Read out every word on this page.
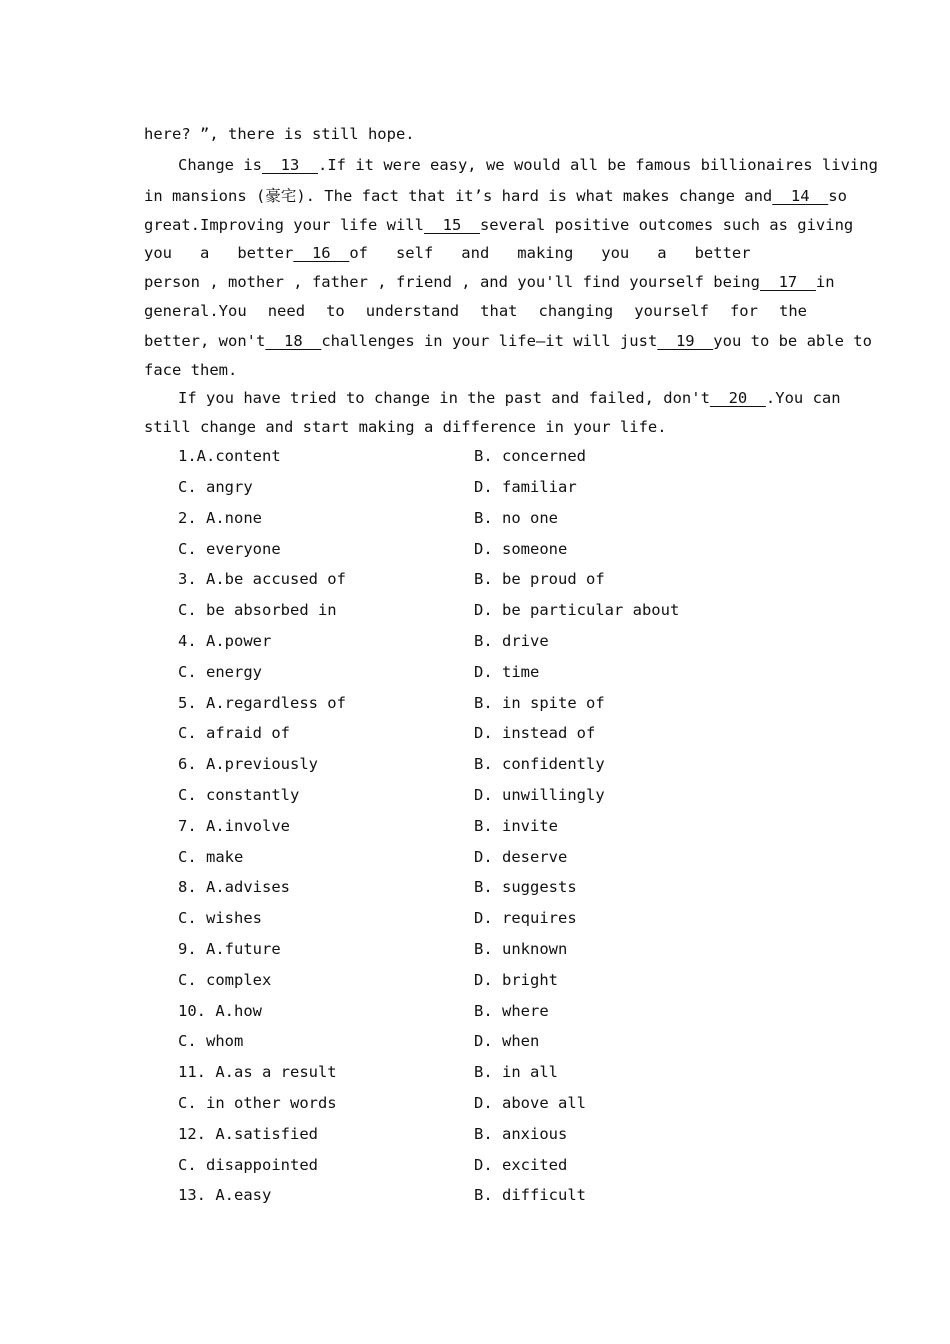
here? ”, there is still hope.
Change is  13  .If it were easy, we would all be famous billionaires living
in mansions (豪宅). The fact that it’s hard is what makes change and  14  so
great.Improving your life will  15  several positive outcomes such as giving
you   a   better  16  of   self   and   making   you   a   better
person , mother , father , friend , and you'll find yourself being  17  in
general.You need to understand that changing yourself for the
better, won't  18  challenges in your life—it will just  19  you to be able to
face them.
If you have tried to change in the past and failed, don't  20  .You can
still change and start making a difference in your life.
1.A.content	B. concerned
C. angry	D. familiar
2. A.none	B. no one
C. everyone	D. someone
3. A.be accused of	B. be proud of
C. be absorbed in	D. be particular about
4. A.power	B. drive
C. energy	D. time
5. A.regardless of	B. in spite of
C. afraid of	D. instead of
6. A.previously	B. confidently
C. constantly	D. unwillingly
7. A.involve	B. invite
C. make	D. deserve
8. A.advises	B. suggests
C. wishes	D. requires
9. A.future	B. unknown
C. complex	D. bright
10. A.how	B. where
C. whom	D. when
11. A.as a result	B. in all
C. in other words	D. above all
12. A.satisfied	B. anxious
C. disappointed	D. excited
13. A.easy	B. difficult
